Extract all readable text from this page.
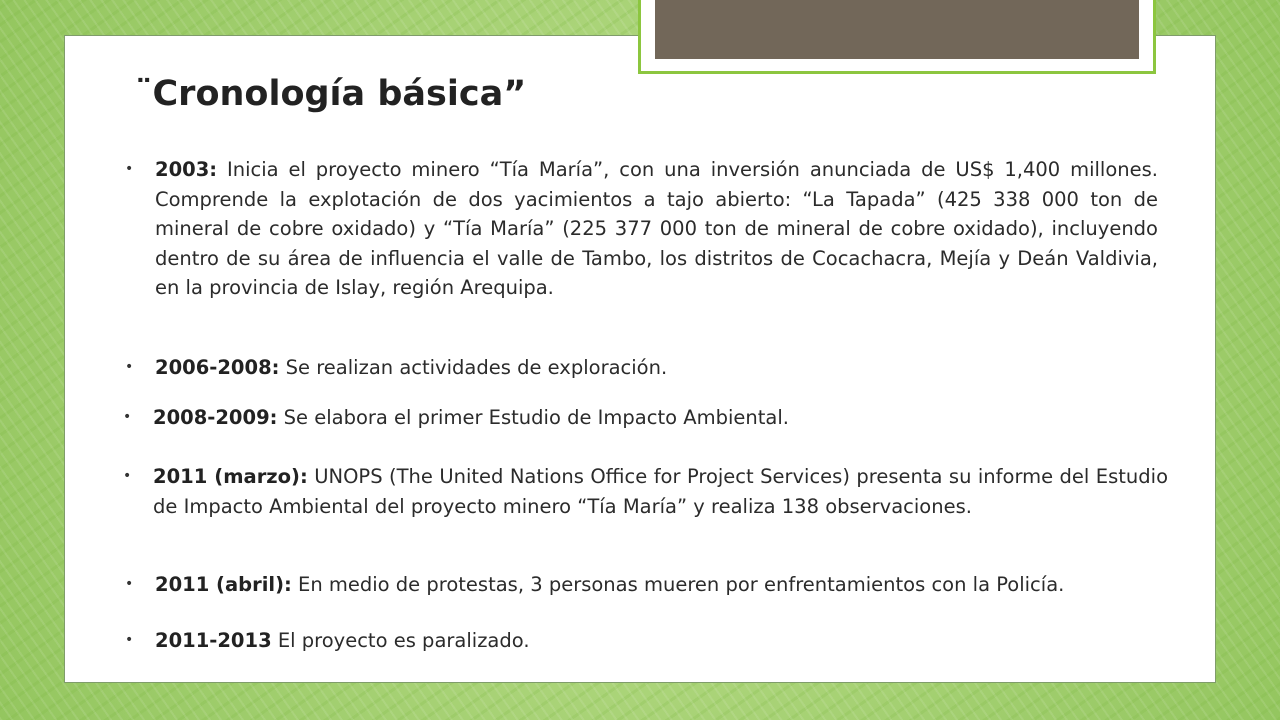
¨Cronología básica”
• 2003: Inicia el proyecto minero “Tía María”, con una inversión anunciada de US$ 1,400 millones. Comprende la explotación de dos yacimientos a tajo abierto: “La Tapada” (425 338 000 ton de mineral de cobre oxidado) y “Tía María” (225 377 000 ton de mineral de cobre oxidado), incluyendo dentro de su área de influencia el valle de Tambo, los distritos de Cocachacra, Mejía y Deán Valdivia, en la provincia de Islay, región Arequipa.
• 2006-2008: Se realizan actividades de exploración.
• 2008-2009: Se elabora el primer Estudio de Impacto Ambiental.
• 2011 (marzo): UNOPS (The United Nations Office for Project Services) presenta su informe del Estudio de Impacto Ambiental del proyecto minero “Tía María” y realiza 138 observaciones.
• 2011 (abril): En medio de protestas, 3 personas mueren por enfrentamientos con la Policía.
• 2011-2013 El proyecto es paralizado.
